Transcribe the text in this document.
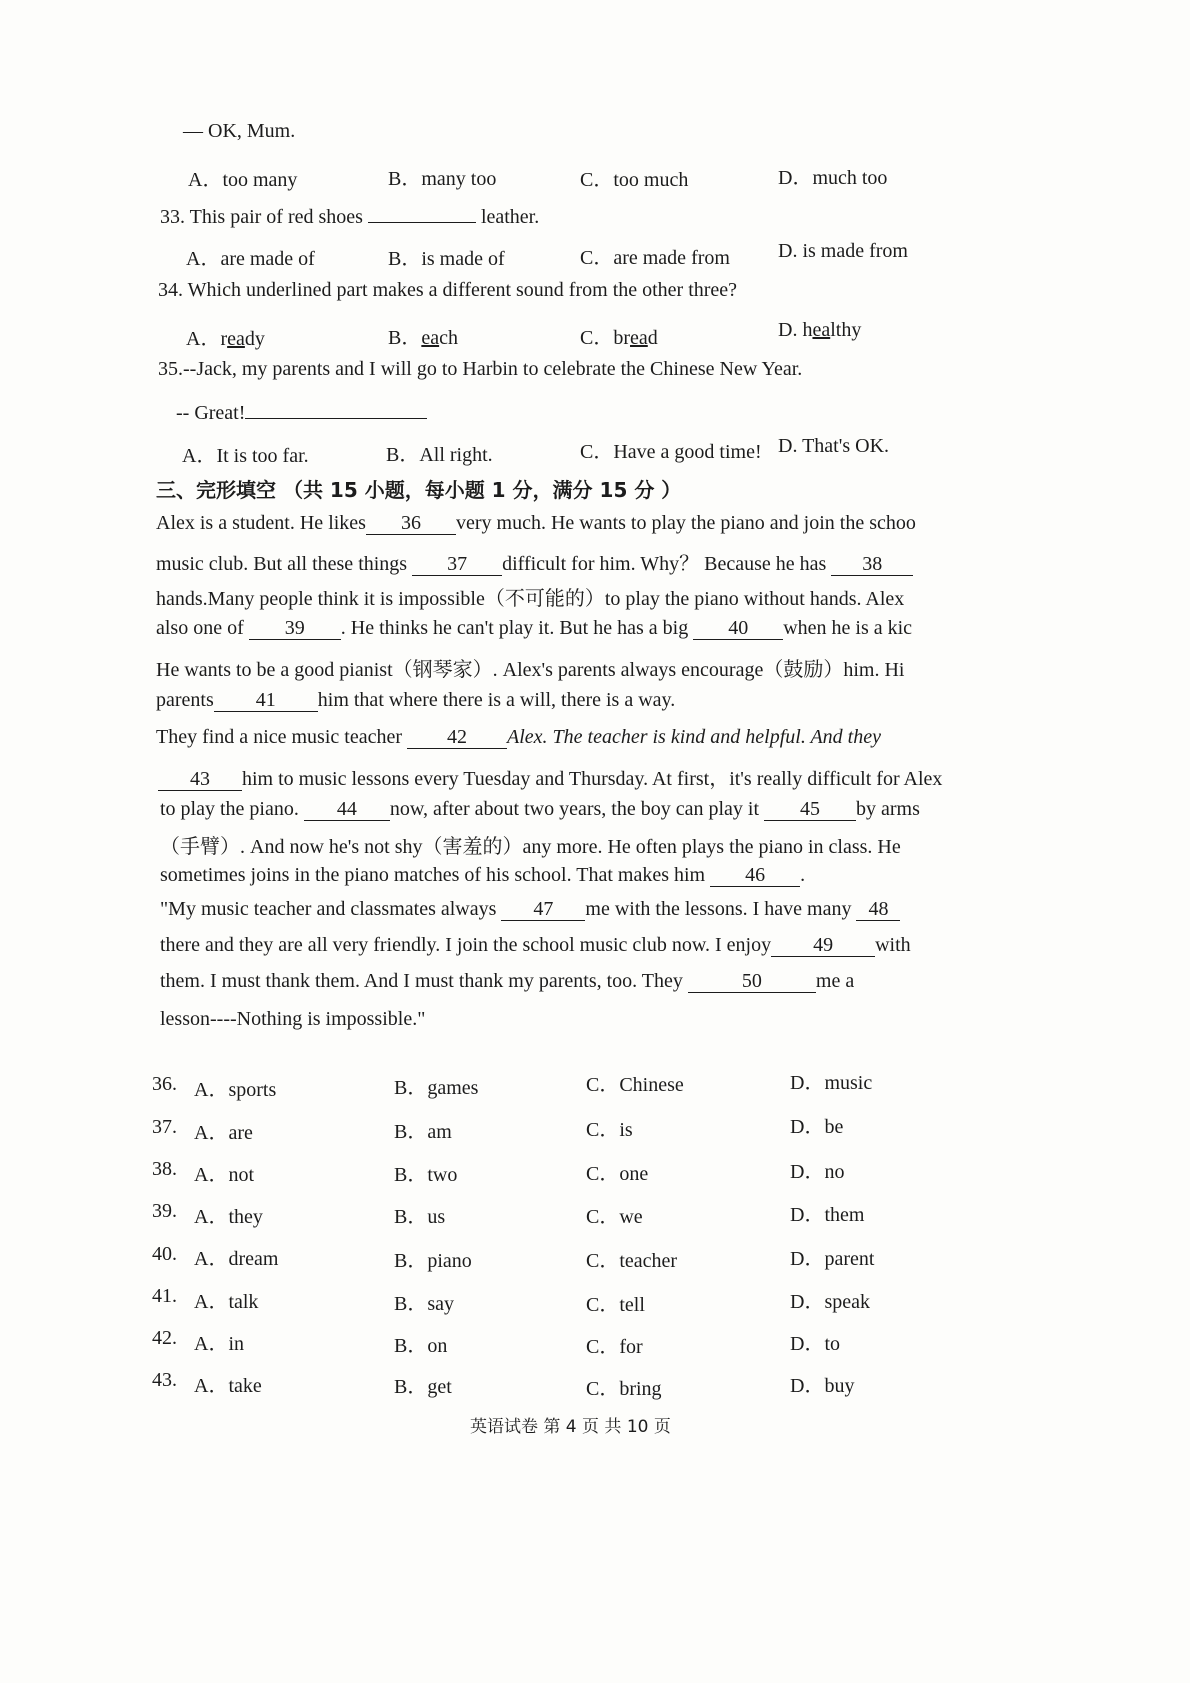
— OK, Mum.
A．too many	B．many too	C．too much	D．much too
33. This pair of red shoes	leather.
A．are made of	B．is made of	C．are made from D. is made from
34. Which underlined part makes a different sound from the other three?
A．ready	B．each	C．bread	D. healthy
35.--Jack, my parents and I will go to Harbin to celebrate the Chinese New Year.
-- Great!
A．It is too far.	B．All right.	C．Have a good time! D. That's OK.
三、完形填空 （共 15 小题，每小题 1 分，满分 15 分 ）
Alex is a student. He likes 36 very much. He wants to play the piano and join the schoo
music club. But all these things 37 difficult for him. Why？ Because he has 38
hands.Many people think it is impossible（不可能的）to play the piano without hands. Alex
also one of 39 . He thinks he can't play it. But he has a big 40 when he is a kic
He wants to be a good pianist（钢琴家）. Alex's parents always encourage（鼓励）him. Hi
parents 41 him that where there is a will, there is a way.
They find a nice music teacher 42 Alex. The teacher is kind and helpful. And they
43 him to music lessons every Tuesday and Thursday. At first，it's really difficult for Alex
to play the piano. 44 now, after about two years, the boy can play it 45 by arms
（手臂）. And now he's not shy（害羞的）any more. He often plays the piano in class. He
sometimes joins in the piano matches of his school. That makes him 46 .
"My music teacher and classmates always 47 me with the lessons. I have many 48
there and they are all very friendly. I join the school music club now. I enjoy 49 with
them. I must thank them. And I must thank my parents, too. They	50	me a
lesson----Nothing is impossible."
36. A．sports	B．games	C．Chinese	D．music
37. A．are	B．am	C．is	D．be
38. A．not	B．two	C．one	D．no
39. A．they	B．us	C．we	D．them
40. A．dream	B．piano	C．teacher	D．parent
41. A．talk	B．say	C．tell	D．speak
42. A．in	B．on	C．for	D．to
43. A．take	B．get	C．bring	D．buy
英语试卷 第 4 页 共 10 页
